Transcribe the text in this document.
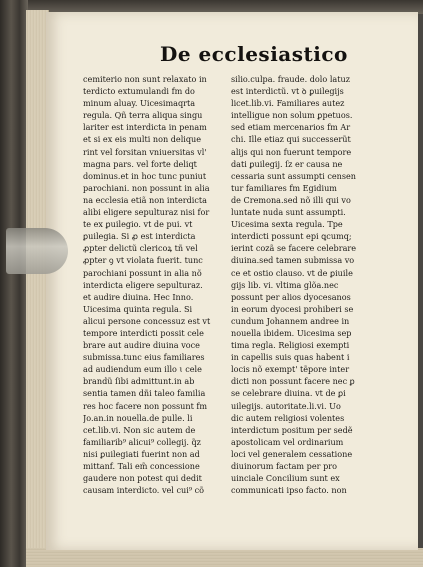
De ecclesiastico
cemiterio non sunt relaxato in
terdicto extumulandi fm do
minum aluay. Uicesimaqrta
regula. Qñ terra aliqua singu
lariter est interdicta in penam
et si ex eis multi non delique
rint vel forsitan vniuersitas vl'
magna pars. vel forte deliqt
dominus.et in hoc tunc puniut
parochiani. non possunt in alia
na ecclesia etiã non interdicta
alibi eligere sepulturaz nisi for
te ex ꝑuilegio. vt de pui. vt
ꝑuilegia. Si ꝓ est interdicta
ꝓpter delictũ clericoꝝ tñ vel
ꝓpter ꝯ vt violata fuerit. tunc
parochiani possunt in alia nõ
interdicta eligere sepulturaz.
et audire diuina. Hec Inno.
Uicesima quinta regula. Si
alicui persone concessuz est vt
tempore interdicti possit cele
brare aut audire diuina voce
submissa.tunc eius familiares
ad audiendum eum illo ɩ cele
brandũ ſibi admittunt.in ab
sentia tamen dñi taleo familia
res hoc facere non possunt fm
Jo.an.in nouella.de pulle. li
cet.lib.vi. Non sic autem de
familiarib⁹ alicui⁹ collegij. q̃z
nisi ꝑuilegiati fuerint non ad
mittanf. Tali em̃ concessione
gaudere non potest qui dedit
causam interdicto. vel cui⁹ cõ
silio.culpa. fraude. dolo latuz
est interdictũ. vt ꝺ ꝑuilegijs
licet.lib.vi. Familiares autez
intelligue non solum ꝑpetuos.
sed etiam mercenarios fm Ar
chi. Ille etiaz qui successerũt
alijs qui non fuerunt tempore
dati ꝑuilegij. ſz er causa ne
cessaria sunt assumpti censen
tur familiares fm Egidium
de Cremona.sed nõ illi qui vo
luntate nuda sunt assumpti.
Uicesima sexta regula. Tpe
interdicti possunt epi ꝗcumq;
ierint cozã se facere celebrare
diuina.sed tamen submissa vo
ce et ostio clauso. vt de ꝑiuile
gijs lib. vi. vltima glõa.nec
possunt per alios dyocesanos
in eorum dyocesi prohiberi se
cundum Johannem andree in
nouella ibidem. Uicesima sep
tima regla. Religiosi exempti
in capellis suis quas habent i
locis nõ exempt' tẽpore inter
dicti non possunt facere nec ꝑ
se celebrare diuina. vt de ꝑi
uilegijs. autoritate.li.vi. Uo
dic autem religiosi volentes
interdictum positum per sedẽ
apostolicam vel ordinarium
loci vel generalem cessatione
diuinorum factam per pro
uinciale Concilium sunt ex
communicati ipso facto. non
